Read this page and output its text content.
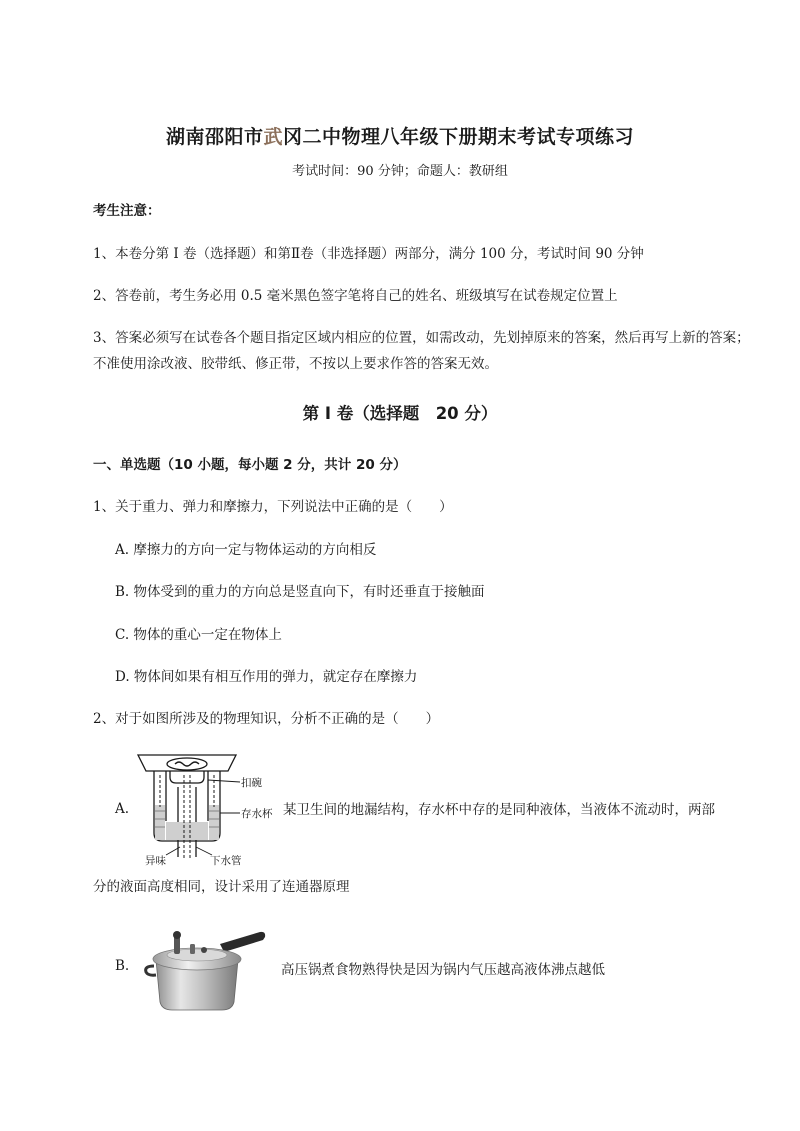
湖南邵阳市武冈二中物理八年级下册期末考试专项练习
考试时间：90 分钟；命题人：教研组
考生注意：
1、本卷分第 I 卷（选择题）和第Ⅱ卷（非选择题）两部分，满分 100 分，考试时间 90 分钟
2、答卷前，考生务必用 0.5 毫米黑色签字笔将自己的姓名、班级填写在试卷规定位置上
3、答案必须写在试卷各个题目指定区域内相应的位置，如需改动，先划掉原来的答案，然后再写上新的答案；不准使用涂改液、胶带纸、修正带，不按以上要求作答的答案无效。
第 I 卷（选择题　20 分）
一、单选题（10 小题，每小题 2 分，共计 20 分）
1、关于重力、弹力和摩擦力，下列说法中正确的是（　　）
A. 摩擦力的方向一定与物体运动的方向相反
B. 物体受到的重力的方向总是竖直向下，有时还垂直于接触面
C. 物体的重心一定在物体上
D. 物体间如果有相互作用的弹力，就定存在摩擦力
2、对于如图所涉及的物理知识，分析不正确的是（　　）
A.
扣碗
存水杯
异味	下水管
某卫生间的地漏结构，存水杯中存的是同种液体，当液体不流动时，两部
分的液面高度相同，设计采用了连通器原理
B.	高压锅煮食物熟得快是因为锅内气压越高液体沸点越低
